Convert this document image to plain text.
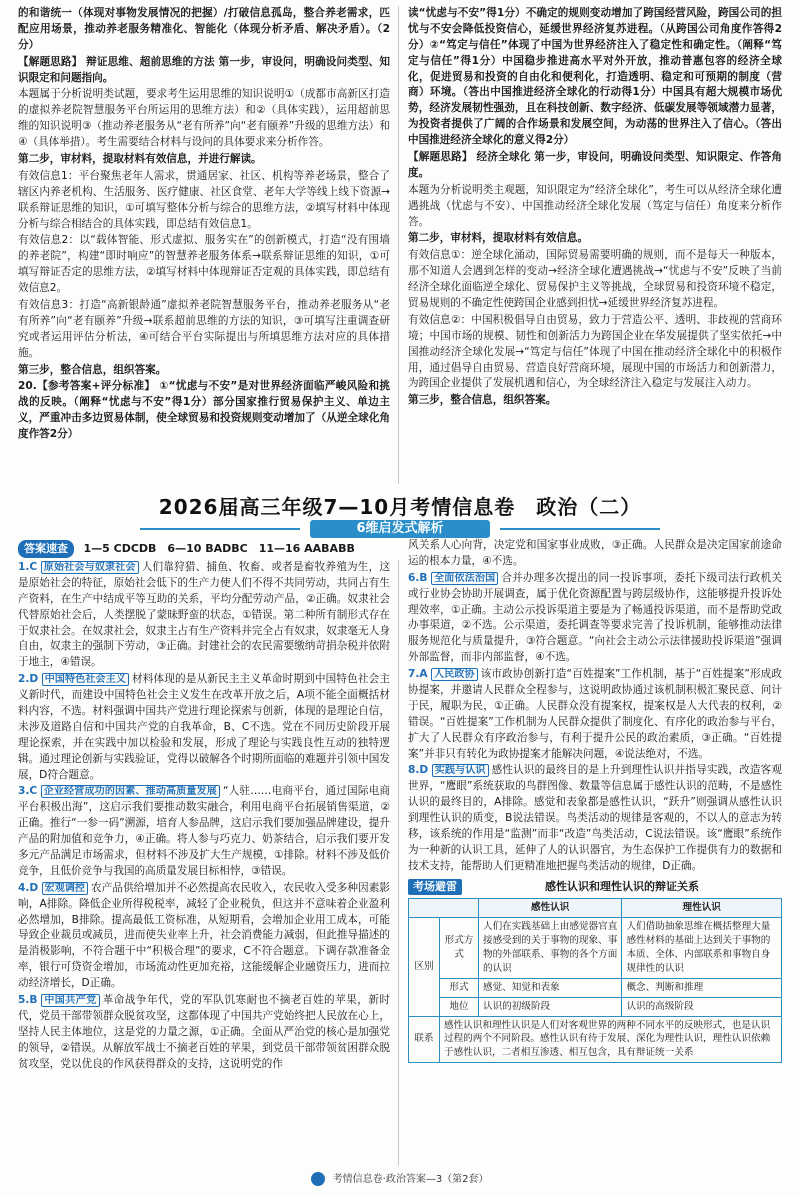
的和谐统一（体现对事物发展情况的把握）/打破信息孤岛，整合养老需求，匹配应用场景，推动养老服务精准化、智能化（体现分析矛盾、解决矛盾）。（2分）

【解题思路】 辩证思维、超前思维的方法 第一步，审设问，明确设问类型、知识限定和问题指向。

本题属于分析说明类试题，要求考生运用思维的知识说明①（成都市高新区打造的虚拟养老院智慧服务平台所运用的思维方法）和②（具体实践），运用超前思维的知识说明③（推动养老服务从“老有所养”向“老有颐养”升级的思维方法）和④（具体举措）。考生需要结合材料与设问的具体要求来分析作答。

第二步，审材料，提取材料有效信息，并进行解读。

有效信息1：平台聚焦老年人需求，贯通居家、社区、机构等养老场景，整合了辖区内养老机构、生活服务、医疗健康、社区食堂、老年大学等线上线下资源→联系辩证思维的知识，①可填写整体分析与综合的思维方法，②填写材料中体现分析与综合相结合的具体实践，即总结有效信息1。

有效信息2：以“载体智能、形式虚拟、服务实在”的创新模式，打造“没有围墙的养老院”，构建“即时响应”的智慧养老服务体系→联系辩证思维的知识，①可填写辩证否定的思维方法，②填写材料中体现辩证否定观的具体实践，即总结有效信息2。

有效信息3：打造“高新银龄通”虚拟养老院智慧服务平台，推动养老服务从“老有所养”向“老有颐养”升级→联系超前思维的方法的知识，③可填写注重调查研究或者运用评估分析法，④可结合平台实际提出与所填思维方法对应的具体措施。

第三步，整合信息，组织答案。

20.【参考答案+评分标准】 ①“忧虑与不安”是对世界经济面临严峻风险和挑战的反映。（阐释“忧虑与不安”得1分）部分国家推行贸易保护主义、单边主义，严重冲击多边贸易体制，使全球贸易和投资规则变动增加了（从逆全球化角度作答2分）

读“忧虑与不安”得1分）不确定的规则变动增加了跨国经营风险，跨国公司的担忧与不安会降低投资信心，延缓世界经济复苏进程。（从跨国公司角度作答得2分）②“笃定与信任”体现了中国为世界经济注入了稳定性和确定性。（阐释“笃定与信任”得1分）中国稳步推进高水平对外开放，推动普惠包容的经济全球化，促进贸易和投资的自由化和便利化，打造透明、稳定和可预期的制度（营商）环境。（答出中国推进经济全球化的行动得1分）中国具有超大规模市场优势，经济发展韧性强劲，且在科技创新、数字经济、低碳发展等领域潜力显著，为投资者提供了广阔的合作场景和发展空间，为动荡的世界注入了信心。（答出中国推进经济全球化的意义得2分）

【解题思路】 经济全球化 第一步，审设问，明确设问类型、知识限定、作答角度。

本题为分析说明类主观题，知识限定为“经济全球化”，考生可以从经济全球化遭遇挑战（忧虑与不安）、中国推动经济全球化发展（笃定与信任）角度来分析作答。

第二步，审材料，提取材料有效信息。

有效信息①：逆全球化涌动，国际贸易需要明确的规则，而不是每天一种版本，那不知道人会遇到怎样的变动→经济全球化遭遇挑战→“忧虑与不安”反映了当前经济全球化面临逆全球化、贸易保护主义等挑战，全球贸易和投资环境不稳定，贸易规则的不确定性使跨国企业感到担忧→延缓世界经济复苏进程。

有效信息②：中国积极倡导自由贸易，致力于营造公平、透明、非歧视的营商环境；中国市场的规模、韧性和创新活力为跨国企业在华发展提供了坚实依托→中国推动经济全球化发展→“笃定与信任”体现了中国在推动经济全球化中的积极作用，通过倡导自由贸易、营造良好营商环境，展现中国的市场活力和创新潜力，为跨国企业提供了发展机遇和信心，为全球经济注入稳定与发展注入动力。

第三步，整合信息，组织答案。

2026届高三年级7—10月考情信息卷　政治（二）
6维启发式解析
答案速查 1—5 CDCDB　6—10 BADBC　11—16 AABABB

1.C 原始社会与奴隶社会 人们靠狩猎、捕鱼、牧畜、或者是畜牧养殖为生，这是原始社会的特征，原始社会低下的生产力使人们不得不共同劳动，共同占有生产资料，在生产中结成平等互助的关系，平均分配劳动产品，②正确。奴隶社会代替原始社会后，人类摆脱了蒙昧野蛮的状态，①错误。第二种所有制形式存在于奴隶社会。在奴隶社会，奴隶主占有生产资料并完全占有奴隶，奴隶毫无人身自由，奴隶主的强制下劳动，③正确。封建社会的农民需要缴纳苛捐杂税并依附于地主，④错误。

2.D 中国特色社会主义 材料体现的是从新民主主义革命时期到中国特色社会主义新时代，而建设中国特色社会主义发生在改革开放之后，A项不能全面概括材料内容，不选。材料强调中国共产党进行理论探索与创新，体现的是理论自信，未涉及道路自信和中国共产党的自我革命，B、C不选。党在不同历史阶段开展理论探索，并在实践中加以检验和发展，形成了理论与实践良性互动的独特逻辑。通过理论创新与实践验证，党得以破解各个时期所面临的难题并引领中国发展，D符合题意。

3.C 企业经营成功的因素、推动高质量发展 “人驻……电商平台，通过国际电商平台积极出海”，这启示我们要推动数实融合，利用电商平台拓展销售渠道，②正确。推行“一参一码”溯源，培育人参品牌，这启示我们要加强品牌建设，提升产品的附加值和竞争力，④正确。将人参与巧克力、奶茶结合，启示我们要开发多元产品满足市场需求，但材料不涉及扩大生产规模，①排除。材料不涉及低价竞争，且低价竞争与我国的高质量发展目标相悖，③错误。

4.D 宏观调控 农产品供给增加并不必然提高农民收入，农民收入受多种因素影响，A排除。降低企业所得税税率，减轻了企业税负，但这并不意味着企业盈利必然增加，B排除。提高最低工资标准，从短期看，会增加企业用工成本，可能导致企业裁员或减员，进而使失业率上升，社会消费能力减弱，但此推导描述的是消极影响，不符合题干中“积极合理”的要求，C不符合题意。下调存款准备金率，银行可贷资金增加，市场流动性更加充裕，这能缓解企业融资压力，进而拉动经济增长，D正确。

5.B 中国共产党 革命战争年代，党的军队饥寒耐也不摘老百姓的苹果，新时代，党员干部带领群众脱贫攻坚，这都体现了中国共产党始终把人民放在心上，坚持人民主体地位，这是党的力量之源，①正确。全面从严治党的核心是加强党的领导，②错误。从解放军战士不摘老百姓的苹果，到党员干部带领贫困群众脱贫攻坚，党以优良的作风获得群众的支持，这说明党的作

风关系人心向背，决定党和国家事业成败，③正确。人民群众是决定国家前途命运的根本力量，④不选。

6.B 全面依法治国 合并办理多次提出的同一投诉事项，委托下级司法行政机关或行业协会协助开展调查，属于优化资源配置与跨层级协作，这能够提升投诉处理效率，①正确。主动公示投诉渠道主要是为了畅通投诉渠道，而不是帮助党政办事渠道，②不选。公示渠道，委托调查等要求完善了投诉机制，能够推动法律服务规范化与质量提升，③符合题意。“向社会主动公示法律援助投诉渠道”强调外部监督，而非内部监督，④不选。

7.A 人民政协 该市政协创新打造“百姓提案”工作机制，基于“百姓提案”形成政协提案，并邀请人民群众全程参与，这说明政协通过该机制积极汇聚民意、问计于民，履职为民，①正确。人民群众没有提案权，提案权是人大代表的权利，②错误。“百姓提案”工作机制为人民群众提供了制度化、有序化的政治参与平台，扩大了人民群众有序政治参与，有利于提升公民的政治素质，③正确。“百姓提案”并非只有转化为政协提案才能解决问题，④说法绝对，不选。

8.D 实践与认识 感性认识的最终目的是上升到理性认识并指导实践，改造客观世界，“鹰眼”系统获取的鸟群图像、数量等信息属于感性认识的范畴，不是感性认识的最终目的，A排除。感觉和表象都是感性认识，“跃升”则强调从感性认识到理性认识的质变，B说法错误。鸟类活动的规律是客观的，不以人的意志为转移，该系统的作用是“监测”而非“改造”鸟类活动，C说法错误。该“鹰眼”系统作为一种新的认识工具，延伸了人的认识器官，为生态保护工作提供有力的数据和技术支持，能帮助人们更精准地把握鸟类活动的规律，D正确。

考场避雷	感性认识和理性认识的辩证关系
		感性认识	理性认识
区别	形式方式	人们在实践基础上由感觉器官直接感受到的关于事物的现象、事物的外部联系、事物的各个方面的认识	人们借助抽象思维在概括整理大量感性材料的基础上达到关于事物的本质、全体、内部联系和事物自身规律性的认识
	形式	感觉、知觉和表象	概念、判断和推理
	地位	认识的初级阶段	认识的高级阶段
联系	感性认识和理性认识是人们对客观世界的两种不同水平的反映形式，也是认识过程的两个不同阶段。感性认识有待于发展、深化为理性认识，理性认识依赖于感性认识，二者相互渗透、相互包含，具有辩证统一关系		
考情信息卷·政治答案—3（第2套）
